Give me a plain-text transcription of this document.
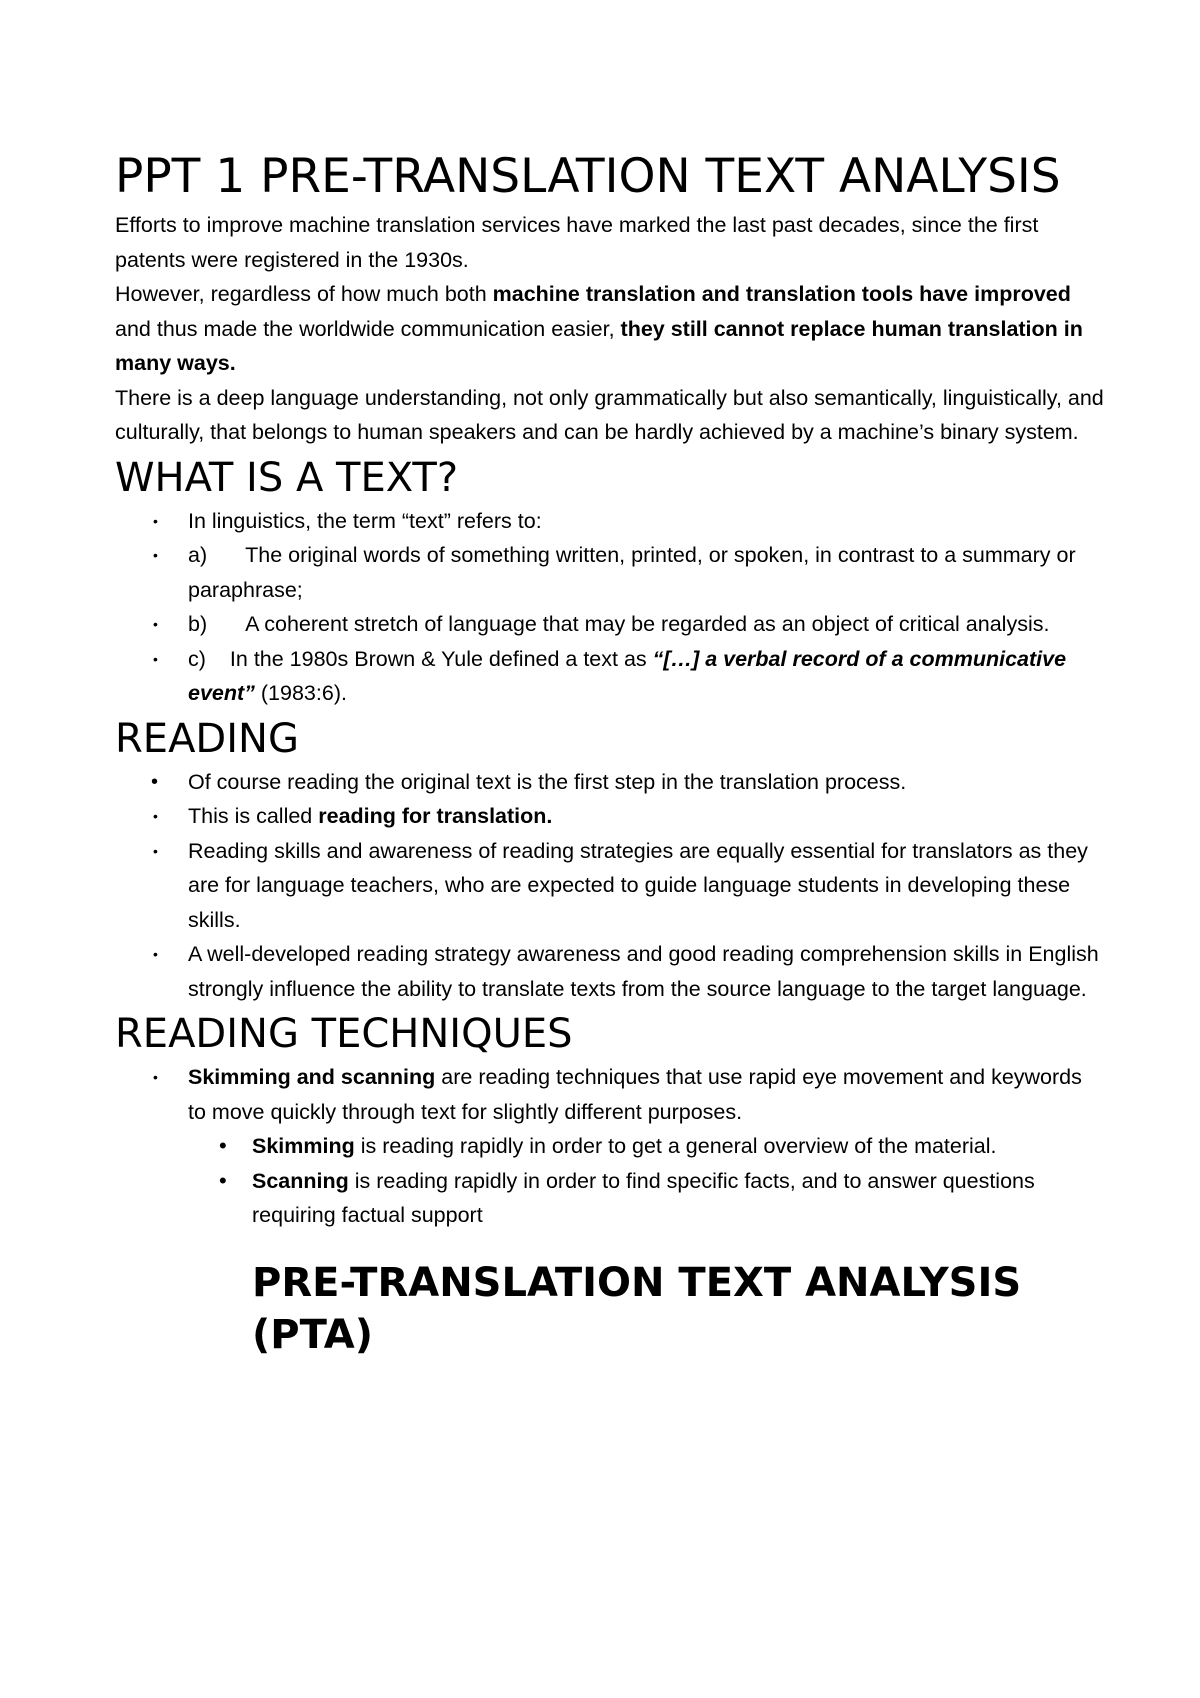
PPT 1 PRE-TRANSLATION TEXT ANALYSIS

Efforts to improve machine translation services have marked the last past decades, since the first patents were registered in the 1930s.

However, regardless of how much both machine translation and translation tools have improved and thus made the worldwide communication easier, they still cannot replace human translation in many ways.

There is a deep language understanding, not only grammatically but also semantically, linguistically, and culturally, that belongs to human speakers and can be hardly achieved by a machine’s binary system.

WHAT IS A TEXT?
• In linguistics, the term “text” refers to:
• a) The original words of something written, printed, or spoken, in contrast to a summary or paraphrase;
• b) A coherent stretch of language that may be regarded as an object of critical analysis.
• c) In the 1980s Brown & Yule defined a text as “[…] a verbal record of a communicative event” (1983:6).
READING
• Of course reading the original text is the first step in the translation process.
• This is called reading for translation.
• Reading skills and awareness of reading strategies are equally essential for translators as they are for language teachers, who are expected to guide language students in developing these skills.
• A well-developed reading strategy awareness and good reading comprehension skills in English strongly influence the ability to translate texts from the source language to the target language.
READING TECHNIQUES
• Skimming and scanning are reading techniques that use rapid eye movement and keywords to move quickly through text for slightly different purposes.
• Skimming is reading rapidly in order to get a general overview of the material.
• Scanning is reading rapidly in order to find specific facts, and to answer questions requiring factual support
PRE-TRANSLATION TEXT ANALYSIS (PTA)
